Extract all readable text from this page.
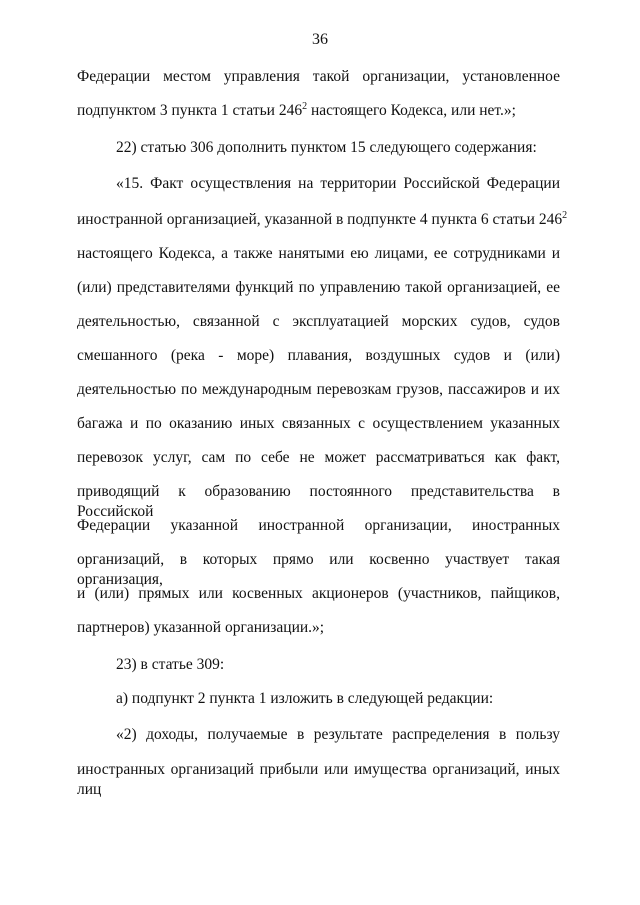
36
Федерации местом управления такой организации, установленное
подпунктом 3 пункта 1 статьи $246^2$ настоящего Кодекса, или нет.»;
22) статью 306 дополнить пунктом 15 следующего содержания:
«15. Факт осуществления на территории Российской Федерации
иностранной организацией, указанной в подпункте 4 пункта 6 статьи $246^2$
настоящего Кодекса, а также нанятыми ею лицами, ее сотрудниками и
(или) представителями функций по управлению такой организацией, ее
деятельностью, связанной с эксплуатацией морских судов, судов
смешанного (река - море) плавания, воздушных судов и (или)
деятельностью по международным перевозкам грузов, пассажиров и их
багажа и по оказанию иных связанных с осуществлением указанных
перевозок услуг, сам по себе не может рассматриваться как факт,
приводящий к образованию постоянного представительства в Российской
Федерации указанной иностранной организации, иностранных
организаций, в которых прямо или косвенно участвует такая организация,
и (или) прямых или косвенных акционеров (участников, пайщиков,
партнеров) указанной организации.»;
23) в статье 309:
а) подпункт 2 пункта 1 изложить в следующей редакции:
«2) доходы, получаемые в результате распределения в пользу
иностранных организаций прибыли или имущества организаций, иных лиц
